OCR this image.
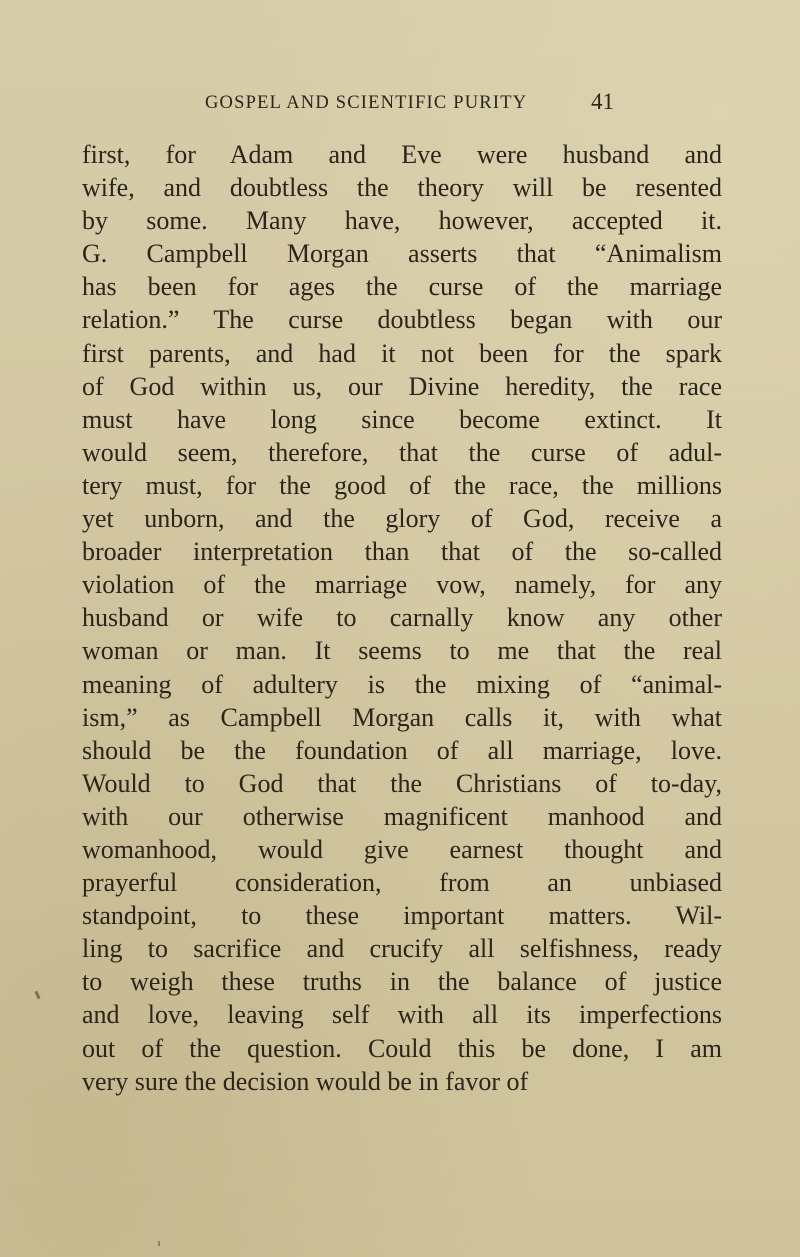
GOSPEL AND SCIENTIFIC PURITY	41
first, for Adam and Eve were husband and
wife, and doubtless the theory will be resented
by some. Many have, however, accepted it.
G. Campbell Morgan asserts that “Animalism
has been for ages the curse of the marriage
relation.” The curse doubtless began with our
first parents, and had it not been for the spark
of God within us, our Divine heredity, the race
must have long since become extinct. It
would seem, therefore, that the curse of adul-
tery must, for the good of the race, the millions
yet unborn, and the glory of God, receive a
broader interpretation than that of the so-called
violation of the marriage vow, namely, for any
husband or wife to carnally know any other
woman or man. It seems to me that the real
meaning of adultery is the mixing of “animal-
ism,” as Campbell Morgan calls it, with what
should be the foundation of all marriage, love.
Would to God that the Christians of to-day,
with our otherwise magnificent manhood and
womanhood, would give earnest thought and
prayerful consideration, from an unbiased
standpoint, to these important matters. Wil-
ling to sacrifice and crucify all selfishness, ready
to weigh these truths in the balance of justice
and love, leaving self with all its imperfections
out of the question. Could this be done, I am
very sure the decision would be in favor of
